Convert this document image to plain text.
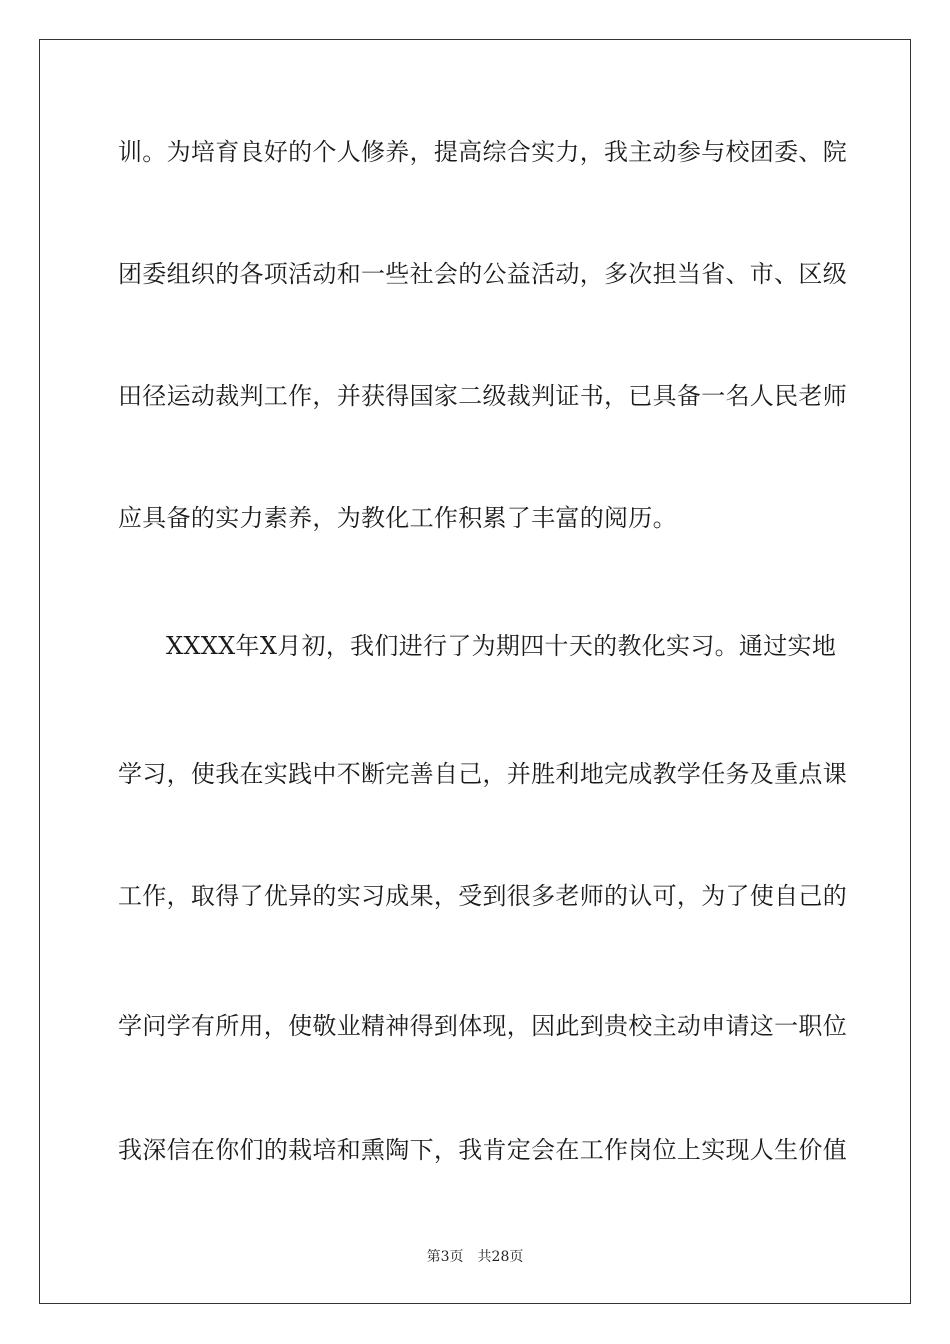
训。为培育良好的个人修养，提高综合实力，我主动参与校团委、院
团委组织的各项活动和一些社会的公益活动，多次担当省、市、区级
田径运动裁判工作，并获得国家二级裁判证书，已具备一名人民老师
应具备的实力素养，为教化工作积累了丰富的阅历。
XXXX年X月初，我们进行了为期四十天的教化实习。通过实地
学习，使我在实践中不断完善自己，并胜利地完成教学任务及重点课
工作，取得了优异的实习成果，受到很多老师的认可，为了使自己的
学问学有所用，使敬业精神得到体现，因此到贵校主动申请这一职位
我深信在你们的栽培和熏陶下，我肯定会在工作岗位上实现人生价值
第3页 共28页
